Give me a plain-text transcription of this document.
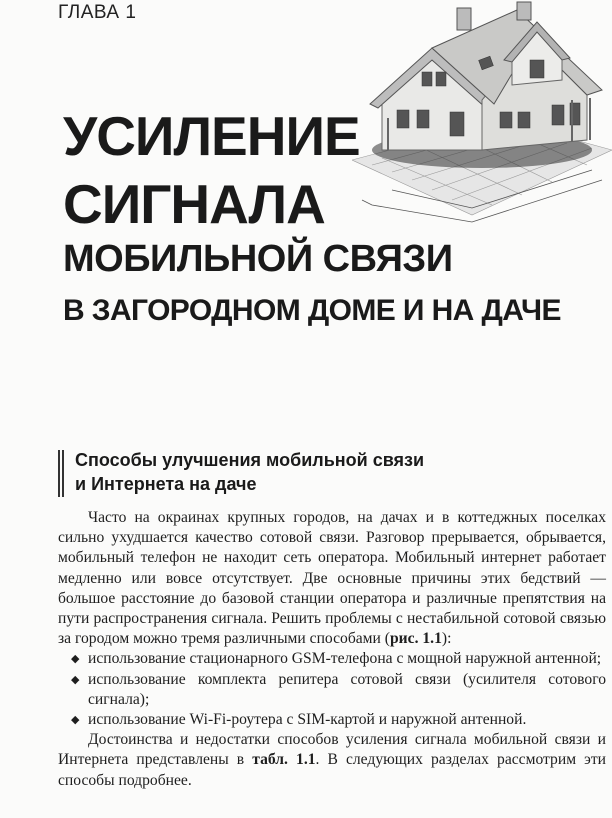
ГЛАВА 1
УСИЛЕНИЕ
СИГНАЛА
МОБИЛЬНОЙ СВЯЗИ
В ЗАГОРОДНОМ ДОМЕ И НА ДАЧЕ
Способы улучшения мобильной связи
и Интернета на даче

Часто на окраинах крупных городов, на дачах и в коттеджных поселках сильно ухудшается качество сотовой связи. Разговор прерывается, обрывается, мобильный телефон не находит сеть оператора. Мобильный интернет работает медленно или вовсе отсутствует. Две основные причины этих бедствий — большое расстояние до базовой станции оператора и различные препятствия на пути распространения сигнала. Решить проблемы с нестабильной сотовой связью за городом можно тремя различными способами (рис. 1.1):

◆ использование стационарного GSM-телефона с мощной наружной антенной;
◆ использование комплекта репитера сотовой связи (усилителя сотового сигнала);
◆ использование Wi-Fi-роутера с SIM-картой и наружной антенной.

Достоинства и недостатки способов усиления сигнала мобильной связи и Интернета представлены в табл. 1.1. В следующих разделах рассмотрим эти способы подробнее.
